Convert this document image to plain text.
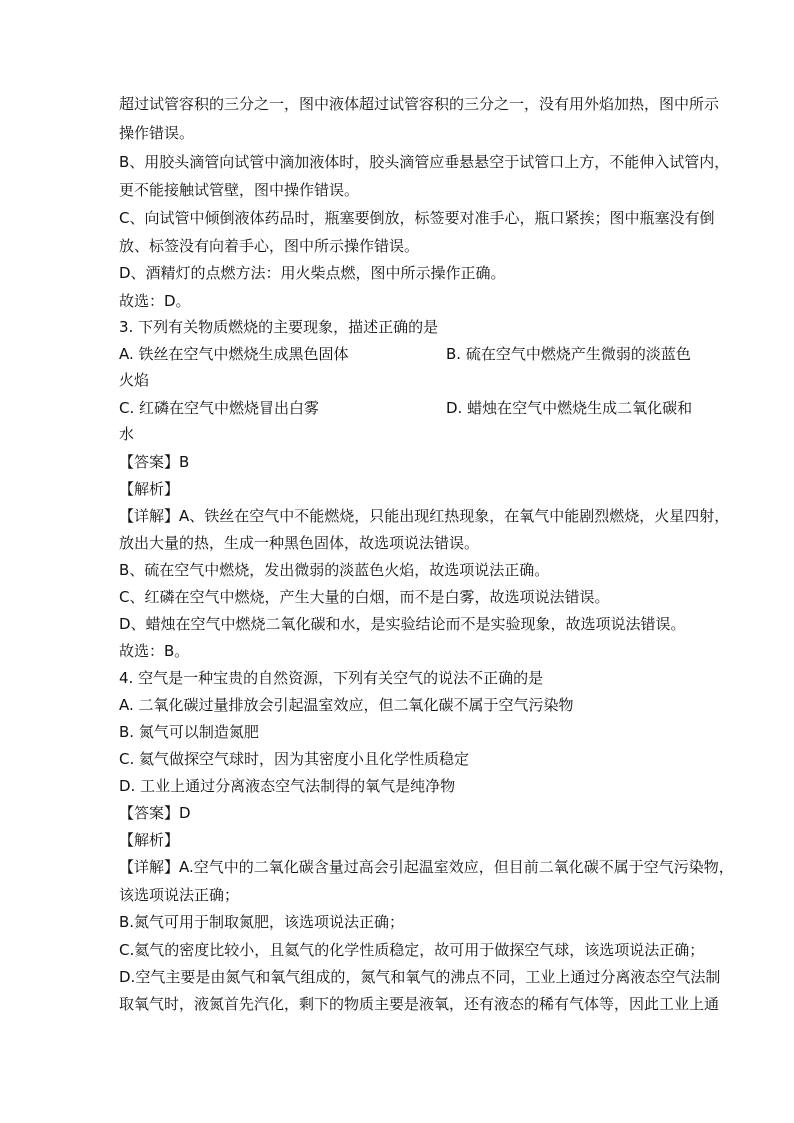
超过试管容积的三分之一，图中液体超过试管容积的三分之一，没有用外焰加热，图中所示
操作错误。
B、用胶头滴管向试管中滴加液体时，胶头滴管应垂悬悬空于试管口上方，不能伸入试管内，
更不能接触试管壁，图中操作错误。
C、向试管中倾倒液体药品时，瓶塞要倒放，标签要对准手心，瓶口紧挨；图中瓶塞没有倒
放、标签没有向着手心，图中所示操作错误。
D、酒精灯的点燃方法：用火柴点燃，图中所示操作正确。
故选：D。
3. 下列有关物质燃烧的主要现象，描述正确的是
A. 铁丝在空气中燃烧生成黑色固体	B. 硫在空气中燃烧产生微弱的淡蓝色
火焰
C. 红磷在空气中燃烧冒出白雾	D. 蜡烛在空气中燃烧生成二氧化碳和
水
【答案】B
【解析】
【详解】A、铁丝在空气中不能燃烧，只能出现红热现象，在氧气中能剧烈燃烧，火星四射，
放出大量的热，生成一种黑色固体，故选项说法错误。
B、硫在空气中燃烧，发出微弱的淡蓝色火焰，故选项说法正确。
C、红磷在空气中燃烧，产生大量的白烟，而不是白雾，故选项说法错误。
D、蜡烛在空气中燃烧二氧化碳和水，是实验结论而不是实验现象，故选项说法错误。
故选：B。
4. 空气是一种宝贵的自然资源，下列有关空气的说法不正确的是
A. 二氧化碳过量排放会引起温室效应，但二氧化碳不属于空气污染物
B. 氮气可以制造氮肥
C. 氦气做探空气球时，因为其密度小且化学性质稳定
D. 工业上通过分离液态空气法制得的氧气是纯净物
【答案】D
【解析】
【详解】A.空气中的二氧化碳含量过高会引起温室效应，但目前二氧化碳不属于空气污染物，
该选项说法正确；
B.氮气可用于制取氮肥，该选项说法正确；
C.氦气的密度比较小，且氦气的化学性质稳定，故可用于做探空气球，该选项说法正确；
D.空气主要是由氮气和氧气组成的，氮气和氧气的沸点不同，工业上通过分离液态空气法制
取氧气时，液氮首先汽化，剩下的物质主要是液氧，还有液态的稀有气体等，因此工业上通
